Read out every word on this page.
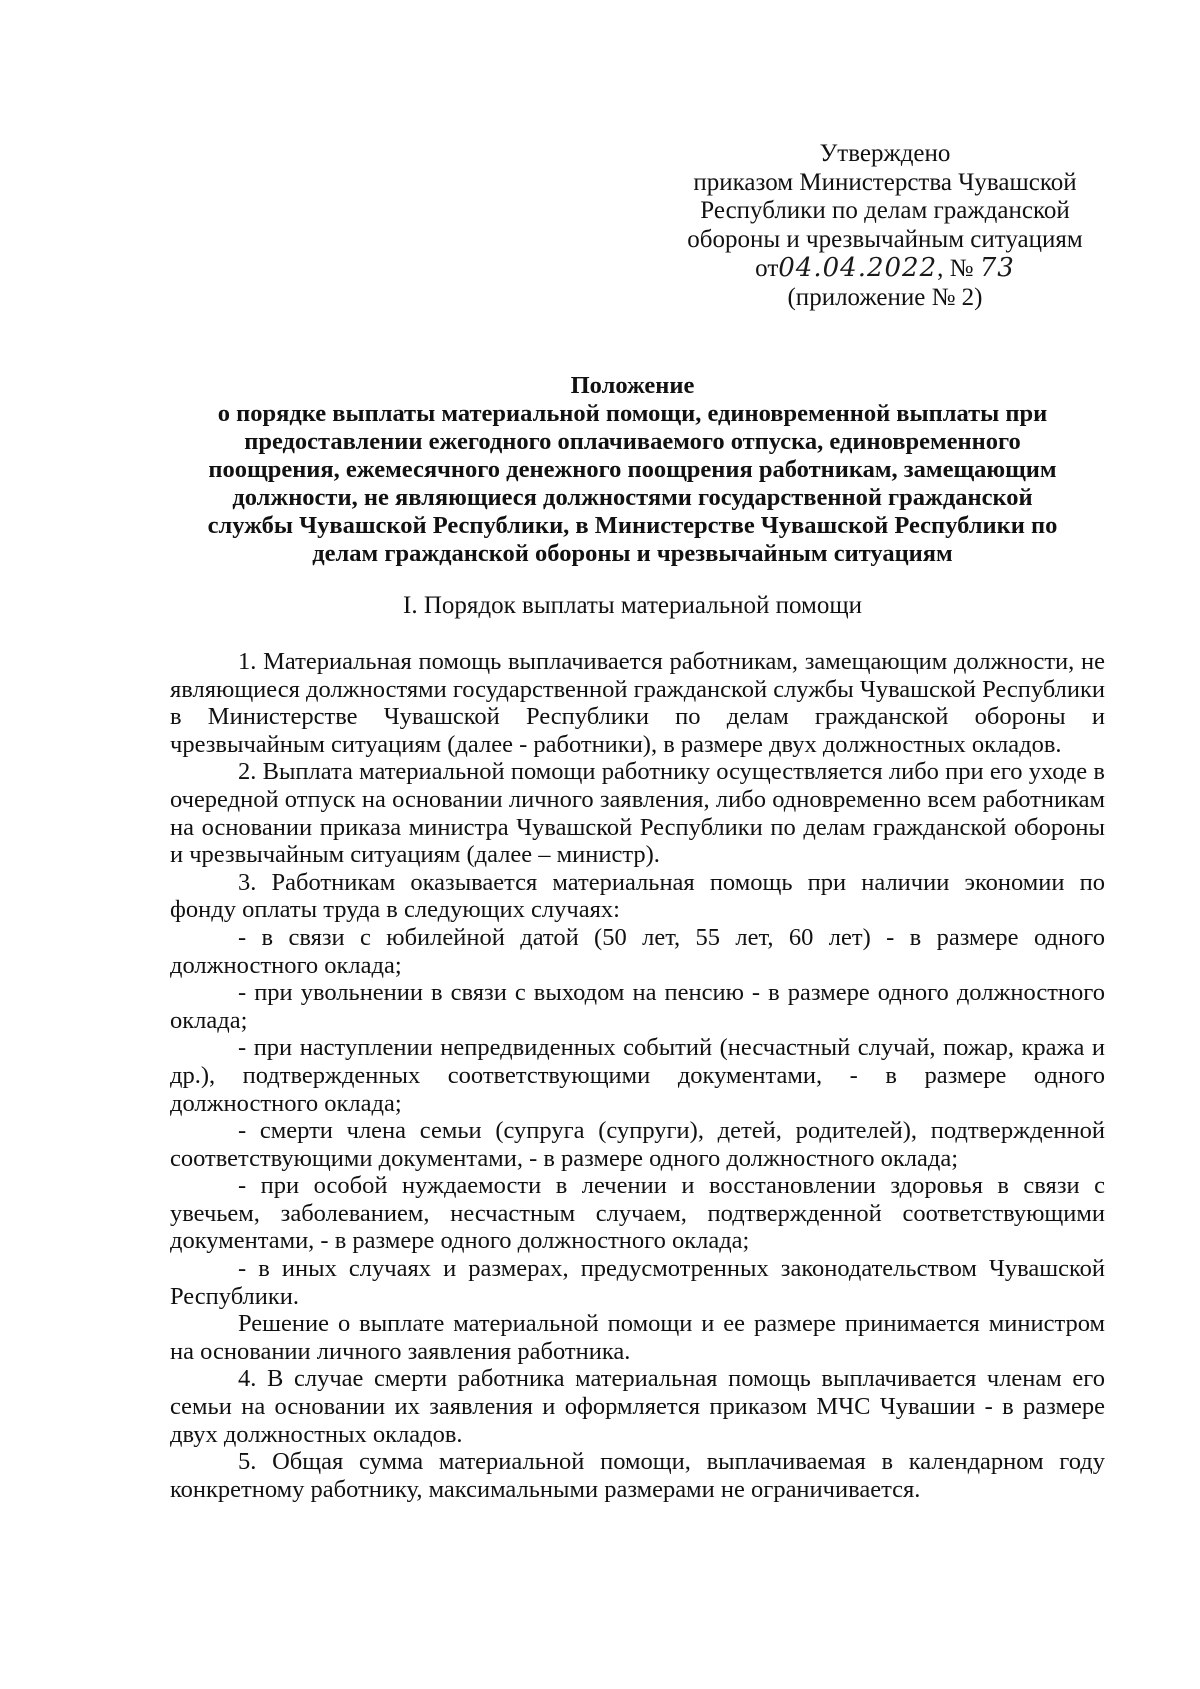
Утверждено
приказом Министерства Чувашской
Республики по делам гражданской
обороны и чрезвычайным ситуациям
от04.04.2022, № 73
(приложение № 2)
Положение
о порядке выплаты материальной помощи, единовременной выплаты при
предоставлении ежегодного оплачиваемого отпуска, единовременного
поощрения, ежемесячного денежного поощрения работникам, замещающим
должности, не являющиеся должностями государственной гражданской
службы Чувашской Республики, в Министерстве Чувашской Республики по
делам гражданской обороны и чрезвычайным ситуациям
I. Порядок выплаты материальной помощи

1. Материальная помощь выплачивается работникам, замещающим должности, не являющиеся должностями государственной гражданской службы Чувашской Республики в Министерстве Чувашской Республики по делам гражданской обороны и чрезвычайным ситуациям (далее - работники), в размере двух должностных окладов.

2. Выплата материальной помощи работнику осуществляется либо при его уходе в очередной отпуск на основании личного заявления, либо одновременно всем работникам на основании приказа министра Чувашской Республики по делам гражданской обороны и чрезвычайным ситуациям (далее – министр).

3. Работникам оказывается материальная помощь при наличии экономии по фонду оплаты труда в следующих случаях:

- в связи с юбилейной датой (50 лет, 55 лет, 60 лет) - в размере одного должностного оклада;

- при увольнении в связи с выходом на пенсию - в размере одного должностного оклада;

- при наступлении непредвиденных событий (несчастный случай, пожар, кража и др.), подтвержденных соответствующими документами, - в размере одного должностного оклада;

- смерти члена семьи (супруга (супруги), детей, родителей), подтвержденной соответствующими документами, - в размере одного должностного оклада;

- при особой нуждаемости в лечении и восстановлении здоровья в связи с увечьем, заболеванием, несчастным случаем, подтвержденной соответствующими документами, - в размере одного должностного оклада;

- в иных случаях и размерах, предусмотренных законодательством Чувашской Республики.

Решение о выплате материальной помощи и ее размере принимается министром на основании личного заявления работника.

4. В случае смерти работника материальная помощь выплачивается членам его семьи на основании их заявления и оформляется приказом МЧС Чувашии - в размере двух должностных окладов.

5. Общая сумма материальной помощи, выплачиваемая в календарном году конкретному работнику, максимальными размерами не ограничивается.
